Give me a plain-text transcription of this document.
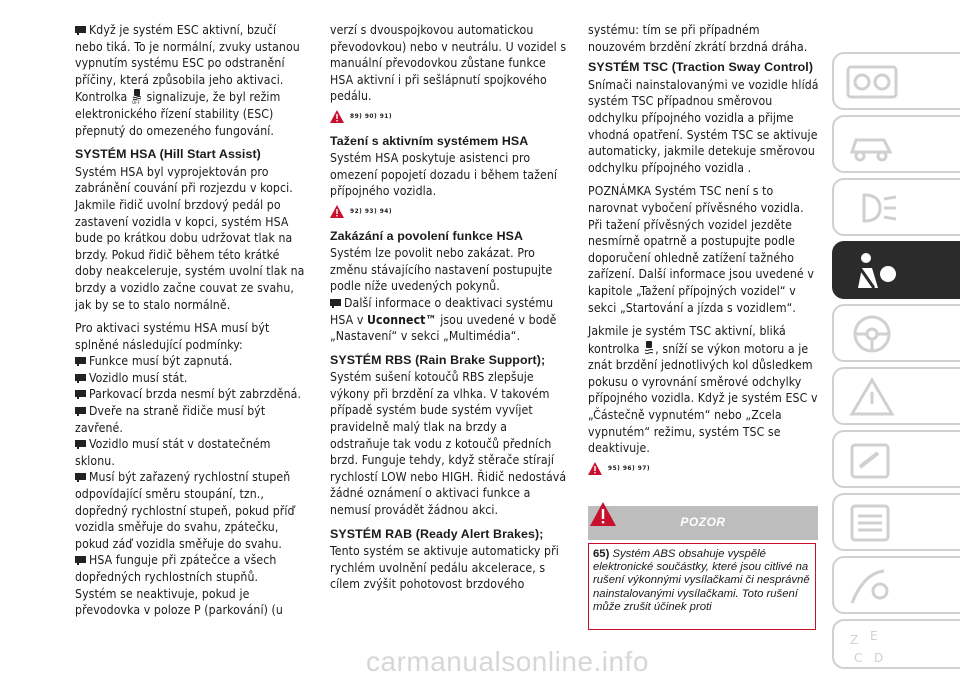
Když je systém ESC aktivní, bzučí nebo tiká. To je normální, zvuky ustanou vypnutím systému ESC po odstranění příčiny, která způsobila jeho aktivaci.

Kontrolka OFF signalizuje, že byl režim elektronického řízení stability (ESC) přepnutý do omezeného fungování.

SYSTÉM HSA (Hill Start Assist)

Systém HSA byl vyprojektován pro zabránění couvání při rozjezdu v kopci. Jakmile řidič uvolní brzdový pedál po zastavení vozidla v kopci, systém HSA bude po krátkou dobu udržovat tlak na brzdy. Pokud řidič během této krátké doby neakceleruje, systém uvolní tlak na brzdy a vozidlo začne couvat ze svahu, jak by se to stalo normálně.

Pro aktivaci systému HSA musí být splněné následující podmínky:

Funkce musí být zapnutá.

Vozidlo musí stát.

Parkovací brzda nesmí být zabrzděná.

Dveře na straně řidiče musí být zavřené.

Vozidlo musí stát v dostatečném sklonu.

Musí být zařazený rychlostní stupeň odpovídající směru stoupání, tzn., dopředný rychlostní stupeň, pokud příď vozidla směřuje do svahu, zpátečku, pokud záď vozidla směřuje do svahu.

HSA funguje při zpátečce a všech dopředných rychlostních stupňů.

Systém se neaktivuje, pokud je převodovka v poloze P (parkování) (u

verzí s dvouspojkovou automatickou převodovkou) nebo v neutrálu. U vozidel s manuální převodovkou zůstane funkce HSA aktivní i při sešlápnutí spojkového pedálu.

89) 90) 91)
Tažení s aktivním systémem HSA

Systém HSA poskytuje asistenci pro omezení popojetí dozadu i během tažení přípojného vozidla.

92) 93) 94)
Zakázání a povolení funkce HSA

Systém lze povolit nebo zakázat. Pro změnu stávajícího nastavení postupujte podle níže uvedených pokynů.

Další informace o deaktivaci systému HSA v Uconnect™ jsou uvedené v bodě „Nastavení“ v sekci „Multimédia“.

SYSTÉM RBS (Rain Brake Support);

Systém sušení kotoučů RBS zlepšuje výkony při brzdění za vlhka. V takovém případě systém bude systém vyvíjet pravidelně malý tlak na brzdy a odstraňuje tak vodu z kotoučů předních brzd. Funguje tehdy, když stěrače stírají rychlostí LOW nebo HIGH. Řidič nedostává žádné oznámení o aktivaci funkce a nemusí provádět žádnou akci.

SYSTÉM RAB (Ready Alert Brakes);

Tento systém se aktivuje automaticky při rychlém uvolnění pedálu akcelerace, s cílem zvýšit pohotovost brzdového

systému: tím se při případném nouzovém brzdění zkrátí brzdná dráha.

SYSTÉM TSC (Traction Sway Control)

Snímači nainstalovanými ve vozidle hlídá systém TSC případnou směrovou odchylku přípojného vozidla a přijme vhodná opatření. Systém TSC se aktivuje automaticky, jakmile detekuje směrovou odchylku přípojného vozidla .

POZNÁMKA Systém TSC není s to narovnat vybočení přívěsného vozidla. Při tažení přívěsných vozidel jezděte nesmírně opatrně a postupujte podle doporučení ohledně zatížení tažného zařízení. Další informace jsou uvedené v kapitole „Tažení přípojných vozidel“ v sekci „Startování a jízda s vozidlem“.

Jakmile je systém TSC aktivní, bliká kontrolka , sníží se výkon motoru a je znát brzdění jednotlivých kol důsledkem pokusu o vyrovnání směrové odchylky přípojného vozidla. Když je systém ESC v „Částečně vypnutém“ nebo „Zcela vypnutém“ režimu, systém TSC se deaktivuje.

95) 96) 97)
POZOR
65) Systém ABS obsahuje vyspělé elektronické součástky, které jsou citlivé na rušení výkonnými vysílačkami či nesprávně nainstalovanými vysílačkami. Toto rušení může zrušit účinek proti
Z E
C D
carmanualsonline.info
